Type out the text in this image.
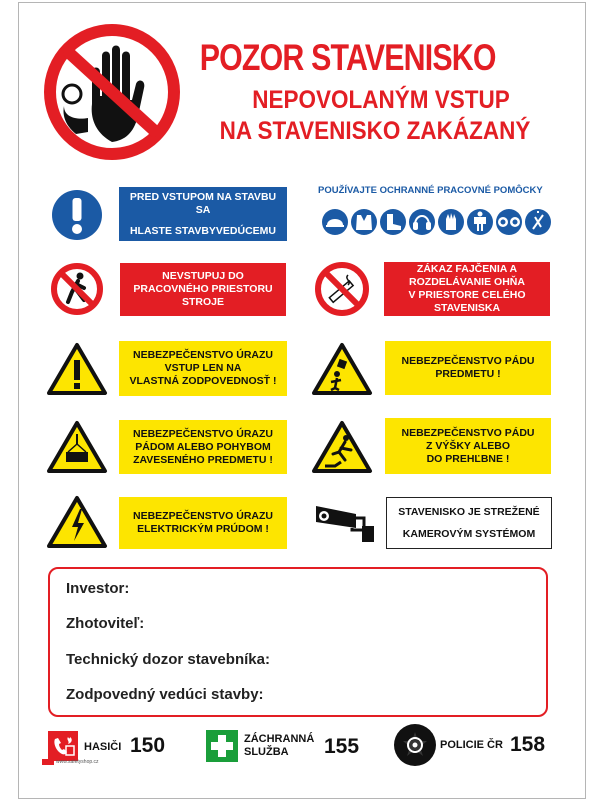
POZOR STAVENISKO
NEPOVOLANÝM VSTUP
NA STAVENISKO ZAKÁZANÝ
PRED VSTUPOM NA STAVBU SA
HLASTE STAVBYVEDÚCEMU
POUŽÍVAJTE OCHRANNÉ PRACOVNÉ POMÔCKY
NEVSTUPUJ DO
PRACOVNÉHO PRIESTORU
STROJE
ZÁKAZ FAJČENIA A
ROZDELÁVANIE OHŇA
V PRIESTORE CELÉHO
STAVENISKA
NEBEZPEČENSTVO ÚRAZU
VSTUP LEN NA
VLASTNÁ ZODPOVEDNOSŤ !
NEBEZPEČENSTVO PÁDU
PREDMETU !
NEBEZPEČENSTVO ÚRAZU
PÁDOM ALEBO POHYBOM
ZAVESENÉHO PREDMETU !
NEBEZPEČENSTVO PÁDU
Z VÝŠKY ALEBO
DO PREHĽBNE !
NEBEZPEČENSTVO ÚRAZU
ELEKTRICKÝM PRÚDOM !
STAVENISKO JE STREŽENÉ
KAMEROVÝM SYSTÉMOM
Investor:
Zhotoviteľ:
Technický dozor stavebníka:
Zodpovedný vedúci stavby:
HASIČI 150	ZÁCHRANNÁ
SLUŽBA	155	POLICIE ČR 158
www.safetyshop.cz
